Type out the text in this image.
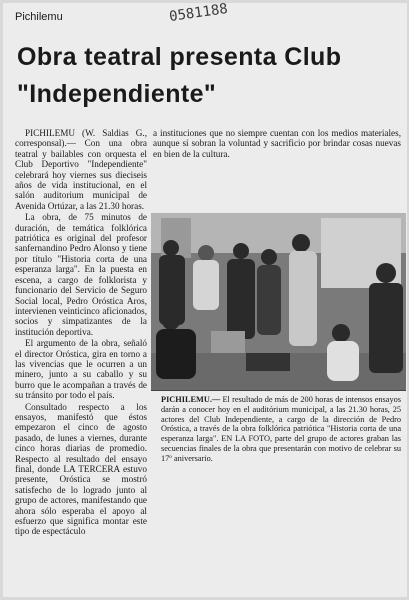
0581188
Pichilemu
Obra teatral presenta Club "Independiente"

PICHILEMU (W. Saldias G., corresponsal).— Con una obra teatral y bailables con orquesta el Club Deportivo "Independiente" celebrará hoy viernes sus dieciseis años de vida institucional, en el salón auditorium municipal de Avenida Ortúzar, a las 21.30 horas.

La obra, de 75 minutos de duración, de temática folklórica patriótica es original del profesor sanfernandino Pedro Alonso y tiene por título "Historia corta de una esperanza larga". En la puesta en escena, a cargo de folklorista y funcionario del Servicio de Seguro Social local, Pedro Oróstica Aros, intervienen veinticinco aficionados, socios y simpatizantes de la institución deportiva.

El argumento de la obra, señaló el director Oróstica, gira en torno a las vivencias que le ocurren a un minero, junto a su caballo y su burro que le acompañan a través de su tránsito por todo el país.

Consultado respecto a los ensayos, manifestó que éstos empezaron el cinco de agosto pasado, de lunes a viernes, durante cinco horas diarias de promedio. Respecto al resultado del ensayo final, donde LA TERCERA estuvo presente, Oróstica se mostró satisfecho de lo logrado junto al grupo de actores, manifestando que ahora sólo esperaba el apoyo al esfuerzo que significa montar este tipo de espectáculo

a instituciones que no siempre cuentan con los medios materiales, aunque sí sobran la voluntad y sacrificio por brindar cosas nuevas en bien de la cultura.

PICHILEMU.— El resultado de más de 200 horas de intensos ensayos darán a conocer hoy en el auditórium municipal, a las 21.30 horas, 25 actores del Club Independiente, a cargo de la dirección de Pedro Oróstica, a través de la obra folklórica patriótica "Historia corta de una esperanza larga". EN LA FOTO, parte del grupo de actores graban las secuencias finales de la obra que presentarán con motivo de celebrar su 17º aniversario.
